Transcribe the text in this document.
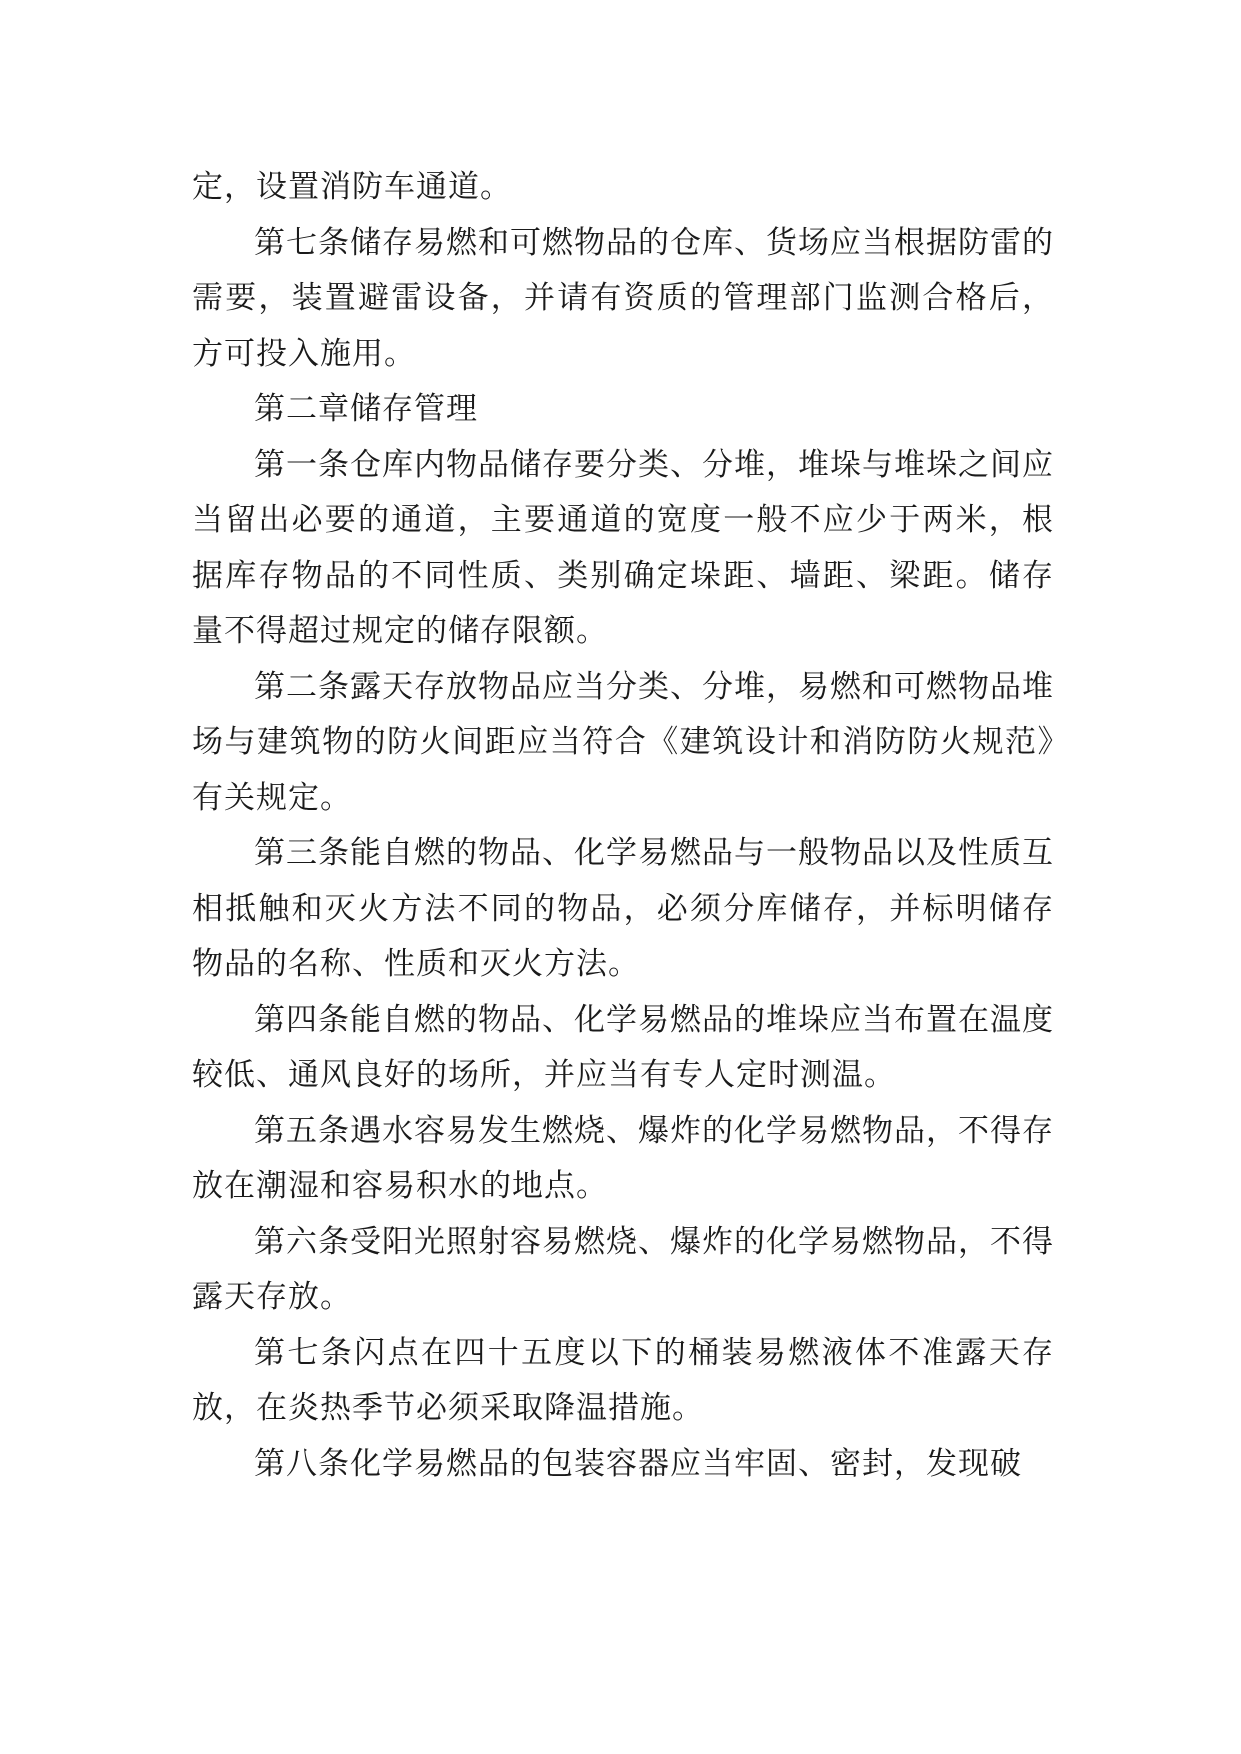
定，设置消防车通道。

第七条储存易燃和可燃物品的仓库、货场应当根据防雷的需要，装置避雷设备，并请有资质的管理部门监测合格后，方可投入施用。

第二章储存管理

第一条仓库内物品储存要分类、分堆，堆垛与堆垛之间应当留出必要的通道，主要通道的宽度一般不应少于两米，根据库存物品的不同性质、类别确定垛距、墙距、梁距。储存量不得超过规定的储存限额。

第二条露天存放物品应当分类、分堆，易燃和可燃物品堆场与建筑物的防火间距应当符合《建筑设计和消防防火规范》有关规定。

第三条能自燃的物品、化学易燃品与一般物品以及性质互相抵触和灭火方法不同的物品，必须分库储存，并标明储存物品的名称、性质和灭火方法。

第四条能自燃的物品、化学易燃品的堆垛应当布置在温度较低、通风良好的场所，并应当有专人定时测温。

第五条遇水容易发生燃烧、爆炸的化学易燃物品，不得存放在潮湿和容易积水的地点。

第六条受阳光照射容易燃烧、爆炸的化学易燃物品，不得露天存放。

第七条闪点在四十五度以下的桶装易燃液体不准露天存放，在炎热季节必须采取降温措施。

第八条化学易燃品的包装容器应当牢固、密封，发现破
